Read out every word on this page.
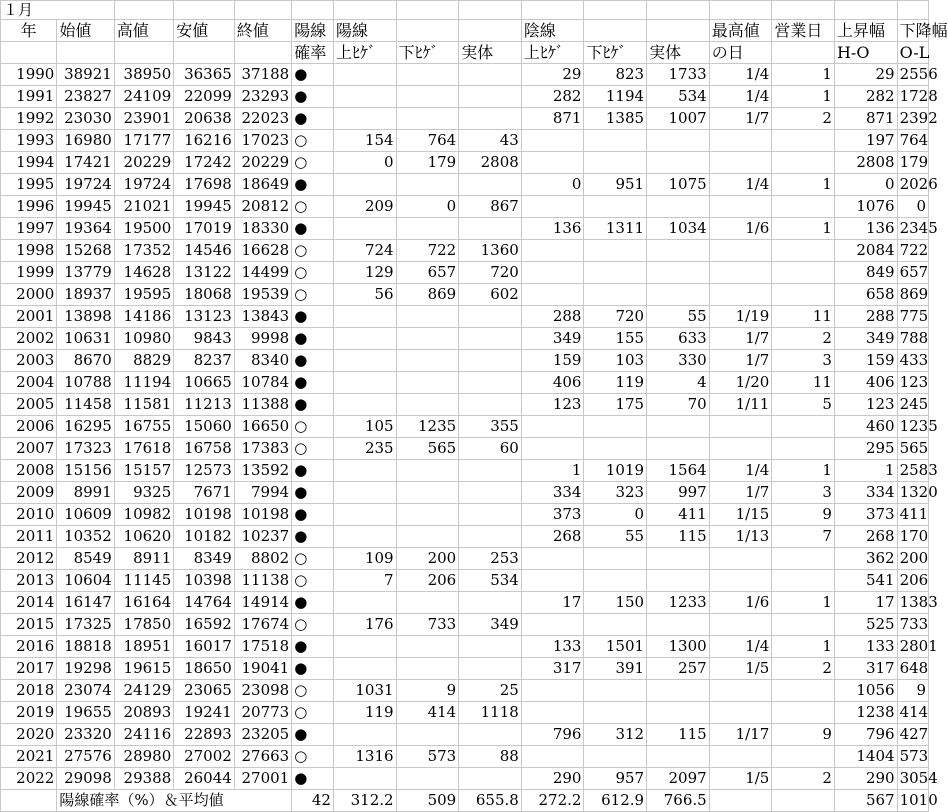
１月															
年	始値	高値	安値	終値	陽線	陽線			陰線			最高値	営業日	上昇幅	下降幅
					確率	上ﾋｹﾞ	下ﾋｹﾞ	実体	上ﾋｹﾞ	下ﾋｹﾞ	実体	の日		H-O	O-L
1990	38921	38950	36365	37188	●				29	823	1733	1/4	1	29	2556
1991	23827	24109	22099	23293	●				282	1194	534	1/4	1	282	1728
1992	23030	23901	20638	22023	●				871	1385	1007	1/7	2	871	2392
1993	16980	17177	16216	17023	○	154	764	43						197	764
1994	17421	20229	17242	20229	○	0	179	2808						2808	179
1995	19724	19724	17698	18649	●				0	951	1075	1/4	1	0	2026
1996	19945	21021	19945	20812	○	209	0	867						1076	0
1997	19364	19500	17019	18330	●				136	1311	1034	1/6	1	136	2345
1998	15268	17352	14546	16628	○	724	722	1360						2084	722
1999	13779	14628	13122	14499	○	129	657	720						849	657
2000	18937	19595	18068	19539	○	56	869	602						658	869
2001	13898	14186	13123	13843	●				288	720	55	1/19	11	288	775
2002	10631	10980	9843	9998	●				349	155	633	1/7	2	349	788
2003	8670	8829	8237	8340	●				159	103	330	1/7	3	159	433
2004	10788	11194	10665	10784	●				406	119	4	1/20	11	406	123
2005	11458	11581	11213	11388	●				123	175	70	1/11	5	123	245
2006	16295	16755	15060	16650	○	105	1235	355						460	1235
2007	17323	17618	16758	17383	○	235	565	60						295	565
2008	15156	15157	12573	13592	●				1	1019	1564	1/4	1	1	2583
2009	8991	9325	7671	7994	●				334	323	997	1/7	3	334	1320
2010	10609	10982	10198	10198	●				373	0	411	1/15	9	373	411
2011	10352	10620	10182	10237	●				268	55	115	1/13	7	268	170
2012	8549	8911	8349	8802	○	109	200	253						362	200
2013	10604	11145	10398	11138	○	7	206	534						541	206
2014	16147	16164	14764	14914	●				17	150	1233	1/6	1	17	1383
2015	17325	17850	16592	17674	○	176	733	349						525	733
2016	18818	18951	16017	17518	●				133	1501	1300	1/4	1	133	2801
2017	19298	19615	18650	19041	●				317	391	257	1/5	2	317	648
2018	23074	24129	23065	23098	○	1031	9	25						1056	9
2019	19655	20893	19241	20773	○	119	414	1118						1238	414
2020	23320	24116	22893	23205	●				796	312	115	1/17	9	796	427
2021	27576	28980	27002	27663	○	1316	573	88						1404	573
2022	29098	29388	26044	27001	●				290	957	2097	1/5	2	290	3054
	陽線確率（%）＆平均値				42	312.2	509	655.8	272.2	612.9	766.5			567	1010
